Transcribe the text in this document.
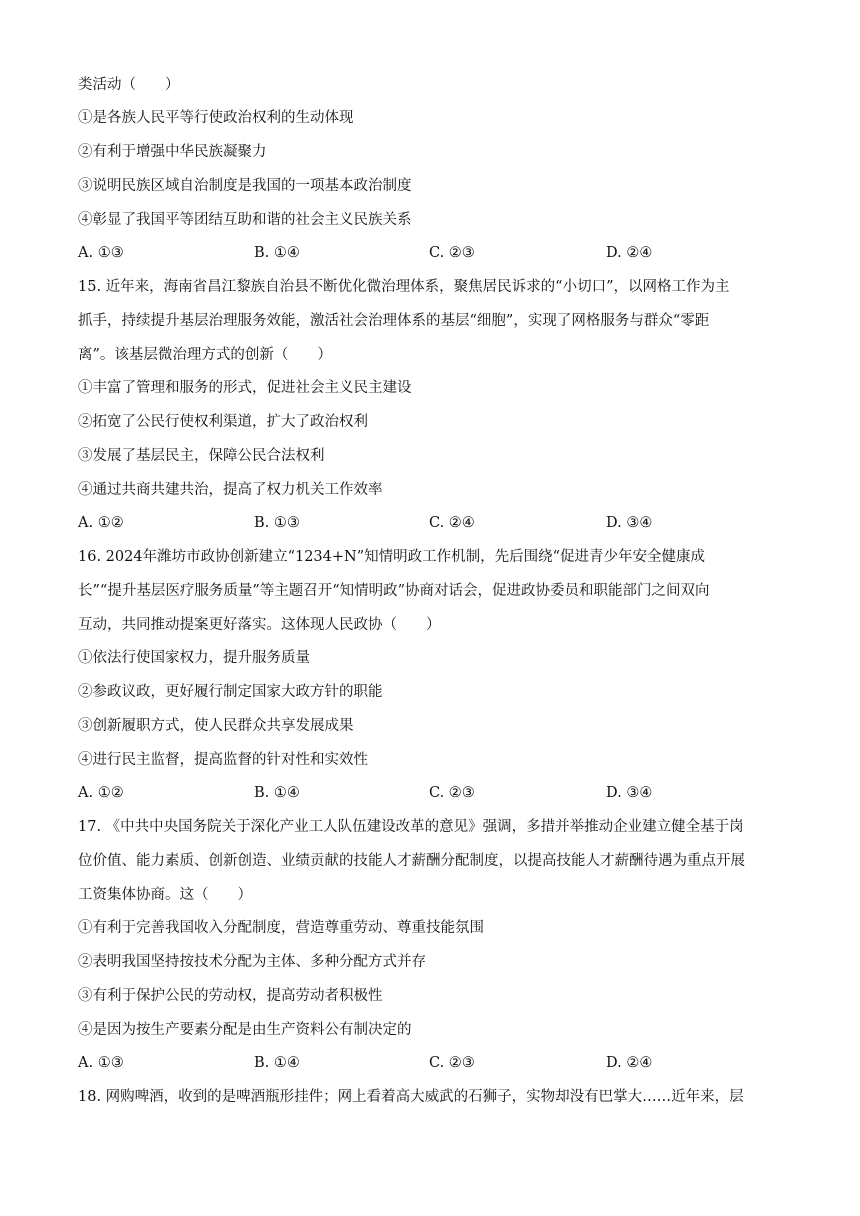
类活动（　　）
①是各族人民平等行使政治权利的生动体现
②有利于增强中华民族凝聚力
③说明民族区域自治制度是我国的一项基本政治制度
④彰显了我国平等团结互助和谐的社会主义民族关系
A. ①③	B. ①④	C. ②③	D. ②④
15. 近年来，海南省昌江黎族自治县不断优化微治理体系，聚焦居民诉求的“小切口”，以网格工作为主
抓手，持续提升基层治理服务效能，激活社会治理体系的基层“细胞”，实现了网格服务与群众“零距
离”。该基层微治理方式的创新（　　）
①丰富了管理和服务的形式，促进社会主义民主建设
②拓宽了公民行使权利渠道，扩大了政治权利
③发展了基层民主，保障公民合法权利
④通过共商共建共治，提高了权力机关工作效率
A. ①②	B. ①③	C. ②④	D. ③④
16. 2024年潍坊市政协创新建立“1234+N”知情明政工作机制，先后围绕“促进青少年安全健康成
长”“提升基层医疗服务质量”等主题召开“知情明政”协商对话会，促进政协委员和职能部门之间双向
互动，共同推动提案更好落实。这体现人民政协（　　）
①依法行使国家权力，提升服务质量
②参政议政，更好履行制定国家大政方针的职能
③创新履职方式，使人民群众共享发展成果
④进行民主监督，提高监督的针对性和实效性
A. ①②	B. ①④	C. ②③	D. ③④
17. 《中共中央国务院关于深化产业工人队伍建设改革的意见》强调，多措并举推动企业建立健全基于岗
位价值、能力素质、创新创造、业绩贡献的技能人才薪酬分配制度，以提高技能人才薪酬待遇为重点开展
工资集体协商。这（　　）
①有利于完善我国收入分配制度，营造尊重劳动、尊重技能氛围
②表明我国坚持按技术分配为主体、多种分配方式并存
③有利于保护公民的劳动权，提高劳动者积极性
④是因为按生产要素分配是由生产资料公有制决定的
A. ①③	B. ①④	C. ②③	D. ②④
18. 网购啤酒，收到的是啤酒瓶形挂件；网上看着高大威武的石狮子，实物却没有巴掌大……近年来，层
